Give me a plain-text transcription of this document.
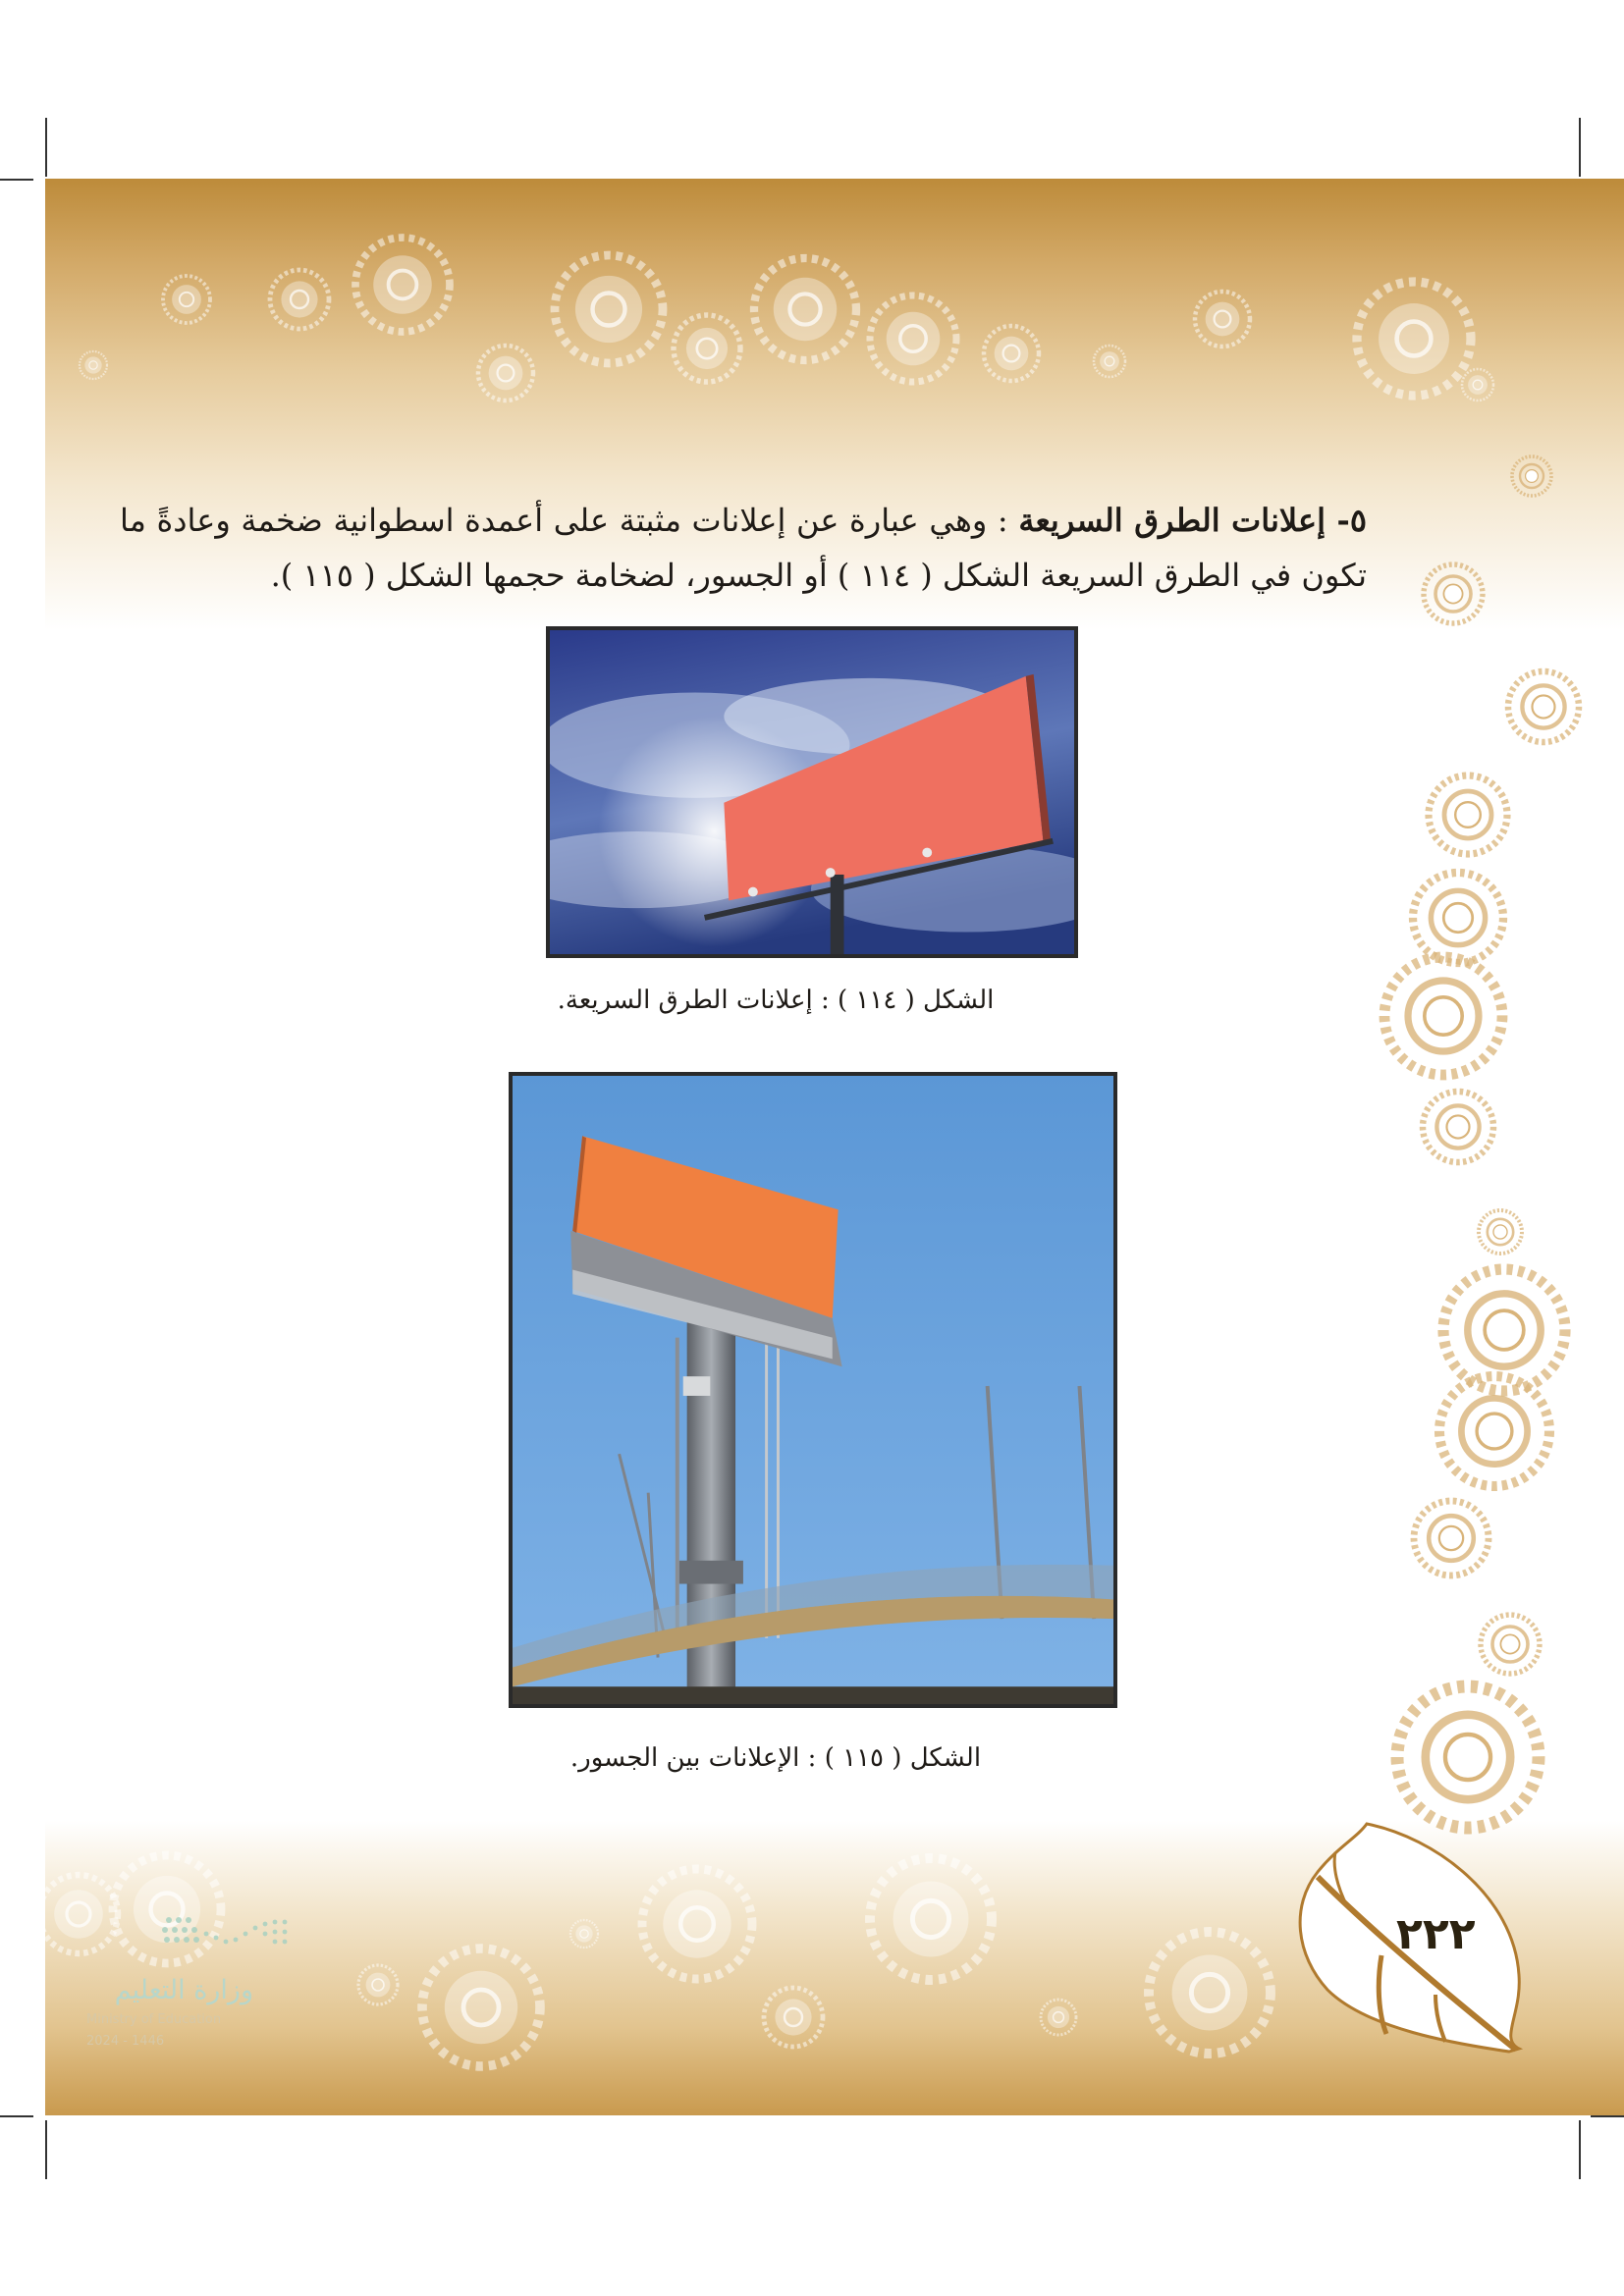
٥- إعلانات الطرق السريعة : وهي عبارة عن إعلانات مثبتة على أعمدة اسطوانية ضخمة وعادةً ما تكون في الطرق السريعة الشكل ( ١١٤ ) أو الجسور، لضخامة حجمها الشكل ( ١١٥ ).

الشكل ( ١١٤ ) : إعلانات الطرق السريعة.
الشكل ( ١١٥ ) : الإعلانات بين الجسور.
وزارة التعليم
Ministry of Education
2024 - 1446
٢٢٢
